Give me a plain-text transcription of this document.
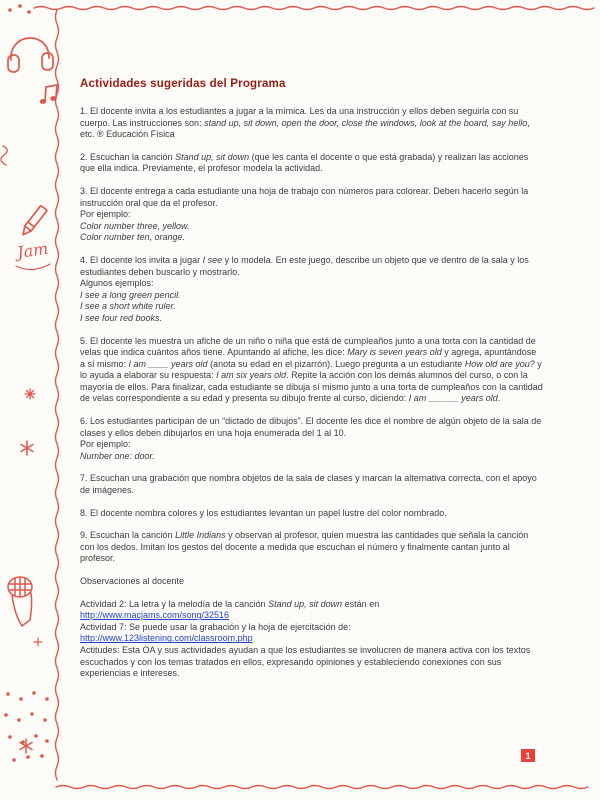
Jam
Actividades sugeridas del Programa
1. El docente invita a los estudiantes a jugar a la mímica. Les da una instrucción y ellos deben seguirla con su cuerpo. Las instrucciones son: stand up, sit down, open the door, close the windows, look at the board, say hello, etc. ® Educación Física
2. Escuchan la canción Stand up, sit down (que les canta el docente o que está grabada) y realizan las acciones que ella indica. Previamente, el profesor modela la actividad.
3. El docente entrega a cada estudiante una hoja de trabajo con números para colorear. Deben hacerlo según la instrucción oral que da el profesor.
Por ejemplo:
Color number three, yellow.
Color number ten, orange.
4. El docente los invita a jugar I see y lo modela. En este juego, describe un objeto que ve dentro de la sala y los estudiantes deben buscarlo y mostrarlo.
Algunos ejemplos:
I see a long green pencil.
I see a short white ruler.
I see four red books.
5. El docente les muestra un afiche de un niño o niña que está de cumpleaños junto a una torta con la cantidad de velas que indica cuántos años tiene. Apuntando al afiche, les dice: Mary is seven years old y agrega, apuntándose a sí mismo: I am ____ years old (anota su edad en el pizarrón). Luego pregunta a un estudiante How old are you? y lo ayuda a elaborar su respuesta: I am six years old. Repite la acción con los demás alumnos del curso, o con la mayoría de ellos. Para finalizar, cada estudiante se dibuja sí mismo junto a una torta de cumpleaños con la cantidad de velas correspondiente a su edad y presenta su dibujo frente al curso, diciendo: I am ______ years old.
6. Los estudiantes participan de un “dictado de dibujos”. El docente les dice el nombre de algún objeto de la sala de clases y ellos deben dibujarlos en una hoja enumerada del 1 al 10.
Por ejemplo:
Number one: door.
7. Escuchan una grabación que nombra objetos de la sala de clases y marcan la alternativa correcta, con el apoyo de imágenes.
8. El docente nombra colores y los estudiantes levantan un papel lustre del color nombrado.
9. Escuchan la canción Little Indians y observan al profesor, quien muestra las cantidades que señala la canción con los dedos. Imitan los gestos del docente a medida que escuchan el número y finalmente cantan junto al profesor.
Observaciones al docente
Actividad 2: La letra y la melodía de la canción Stand up, sit down están en
http://www.macjams.com/song/32516
Actividad 7: Se puede usar la grabación y la hoja de ejercitación de:
http://www.123listening.com/classroom.php
Actitudes: Esta OA y sus actividades ayudan a que los estudiantes se involucren de manera activa con los textos escuchados y con los temas tratados en ellos, expresando opiniones y estableciendo conexiones con sus experiencias e intereses.
1
